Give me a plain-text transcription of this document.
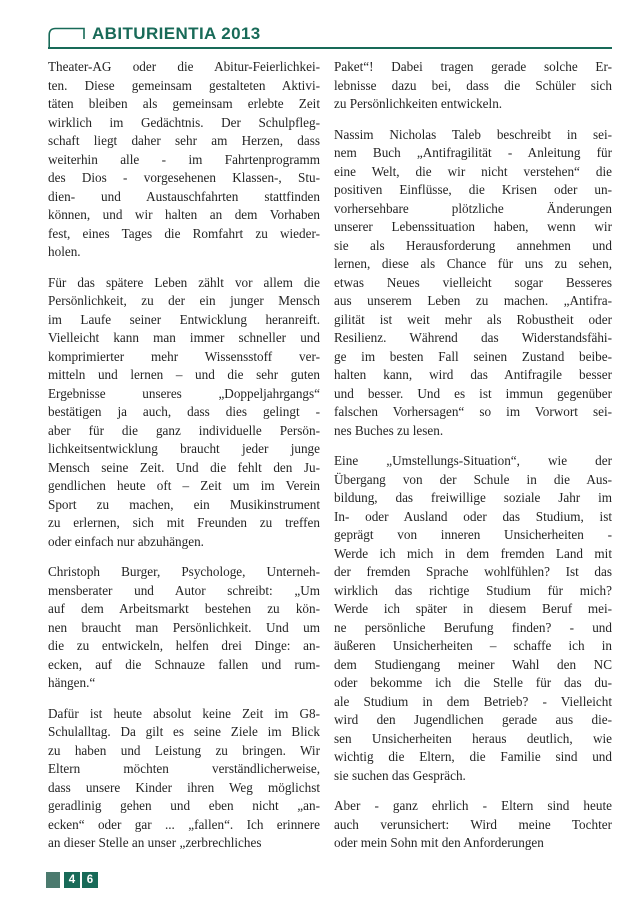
ABITURIENTIA 2013
Theater-AG oder die Abitur-Feierlichkei-
ten. Diese gemeinsam gestalteten Aktivi-
täten bleiben als gemeinsam erlebte Zeit
wirklich im Gedächtnis. Der Schulpfleg-
schaft liegt daher sehr am Herzen, dass
weiterhin alle - im Fahrtenprogramm
des Dios - vorgesehenen Klassen-, Stu-
dien- und Austauschfahrten stattfinden
können, und wir halten an dem Vorhaben
fest, eines Tages die Romfahrt zu wieder-
holen.
Für das spätere Leben zählt vor allem die
Persönlichkeit, zu der ein junger Mensch
im Laufe seiner Entwicklung heranreift.
Vielleicht kann man immer schneller und
komprimierter mehr Wissensstoff ver-
mitteln und lernen – und die sehr guten
Ergebnisse unseres „Doppeljahrgangs“
bestätigen ja auch, dass dies gelingt -
aber für die ganz individuelle Persön-
lichkeitsentwicklung braucht jeder junge
Mensch seine Zeit. Und die fehlt den Ju-
gendlichen heute oft – Zeit um im Verein
Sport zu machen, ein Musikinstrument
zu erlernen, sich mit Freunden zu treffen
oder einfach nur abzuhängen.
Christoph Burger, Psychologe, Unterneh-
mensberater und Autor schreibt: „Um
auf dem Arbeitsmarkt bestehen zu kön-
nen braucht man Persönlichkeit. Und um
die zu entwickeln, helfen drei Dinge: an-
ecken, auf die Schnauze fallen und rum-
hängen.“
Dafür ist heute absolut keine Zeit im G8-
Schulalltag. Da gilt es seine Ziele im Blick
zu haben und Leistung zu bringen. Wir
Eltern möchten verständlicherweise,
dass unsere Kinder ihren Weg möglichst
geradlinig gehen und eben nicht „an-
ecken“ oder gar ... „fallen“. Ich erinnere
an dieser Stelle an unser „zerbrechliches
Paket“! Dabei tragen gerade solche Er-
lebnisse dazu bei, dass die Schüler sich
zu Persönlichkeiten entwickeln.
Nassim Nicholas Taleb beschreibt in sei-
nem Buch „Antifragilität - Anleitung für
eine Welt, die wir nicht verstehen“ die
positiven Einflüsse, die Krisen oder un-
vorhersehbare plötzliche Änderungen
unserer Lebenssituation haben, wenn wir
sie als Herausforderung annehmen und
lernen, diese als Chance für uns zu sehen,
etwas Neues vielleicht sogar Besseres
aus unserem Leben zu machen. „Antifra-
gilität ist weit mehr als Robustheit oder
Resilienz. Während das Widerstandsfähi-
ge im besten Fall seinen Zustand beibe-
halten kann, wird das Antifragile besser
und besser. Und es ist immun gegenüber
falschen Vorhersagen“ so im Vorwort sei-
nes Buches zu lesen.
Eine „Umstellungs-Situation“, wie der
Übergang von der Schule in die Aus-
bildung, das freiwillige soziale Jahr im
In- oder Ausland oder das Studium, ist
geprägt von inneren Unsicherheiten -
Werde ich mich in dem fremden Land mit
der fremden Sprache wohlfühlen? Ist das
wirklich das richtige Studium für mich?
Werde ich später in diesem Beruf mei-
ne persönliche Berufung finden? - und
äußeren Unsicherheiten – schaffe ich in
dem Studiengang meiner Wahl den NC
oder bekomme ich die Stelle für das du-
ale Studium in dem Betrieb? - Vielleicht
wird den Jugendlichen gerade aus die-
sen Unsicherheiten heraus deutlich, wie
wichtig die Eltern, die Familie sind und
sie suchen das Gespräch.
Aber - ganz ehrlich - Eltern sind heute
auch verunsichert: Wird meine Tochter
oder mein Sohn mit den Anforderungen
4	6
